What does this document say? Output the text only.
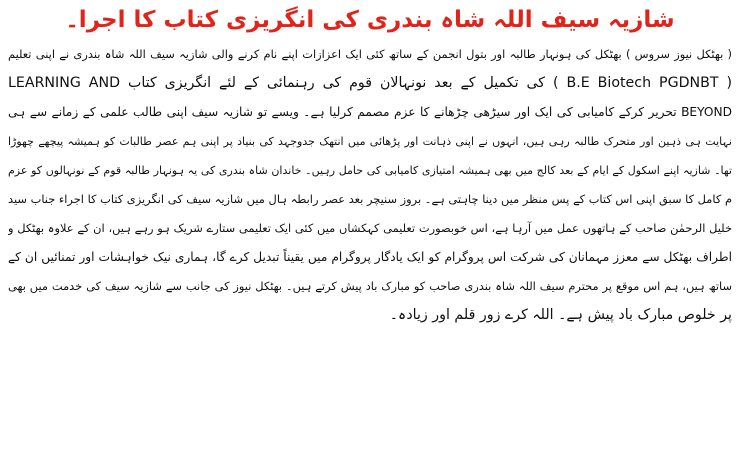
شازیہ سیف اللہ شاہ بندری کی انگریزی کتاب کا اجرا۔
( بھٹکل نیوز سروس ) بھٹکل کی ہونہار طالبہ اور بتول انجمن کے ساتھ کئی ایک اعزازات اپنے نام کرنے والی شازیہ سیف اللہ شاہ بندری نے اپنی تعلیم
( B.E Biotech PGDNBT ) کی تکمیل کے بعد نونہالان قوم کی رہنمائی کے لئے انگریزی کتاب LEARNING AND
BEYOND تحریر کرکے کامیابی کی ایک اور سیڑھی چڑھانے کا عزم مصمم کرلیا ہے۔ ویسے تو شازیہ سیف اپنی طالب علمی کے زمانے سے ہی
نہایت ہی ذہین اور متحرک طالبہ رہی ہیں، انہوں نے اپنی ذہانت اور پڑھائی میں انتھک جدوجہد کی بنیاد پر اپنی ہم عصر طالبات کو ہمیشہ پیچھے چھوڑا
تھا۔ شازیہ اپنے اسکول کے ایام کے بعد کالج میں بھی ہمیشہ امتیازی کامیابی کی حامل رہیں۔ خاندان شاہ بندری کی یہ ہونہار طالبہ قوم کے نونہالوں کو عزم
م کامل کا سبق اپنی اس کتاب کے پس منظر میں دینا چاہتی ہے۔ بروز سنیچر بعد عصر رابطہ ہال میں شازیہ سیف کی انگریزی کتاب کا اجراء جناب سید
خلیل الرحمٰن صاحب کے ہاتھوں عمل میں آرہا ہے، اس خوبصورت تعلیمی کہکشاں میں کئی ایک تعلیمی ستارے شریک ہو رہے ہیں، ان کے علاوہ بھٹکل و
اطراف بھٹکل سے معزز مہمانان کی شرکت اس پروگرام کو ایک یادگار پروگرام میں یقیناً تبدیل کرے گا، ہماری نیک خواہشات اور تمنائیں ان کے
ساتھ ہیں، ہم اس موقع پر محترم سیف اللہ شاہ بندری صاحب کو مبارک باد پیش کرتے ہیں۔ بھٹکل نیوز کی جانب سے شازیہ سیف کی خدمت میں بھی
پر خلوص مبارک باد پیش ہے۔ اللہ کرے زور قلم اور زیادہ۔
